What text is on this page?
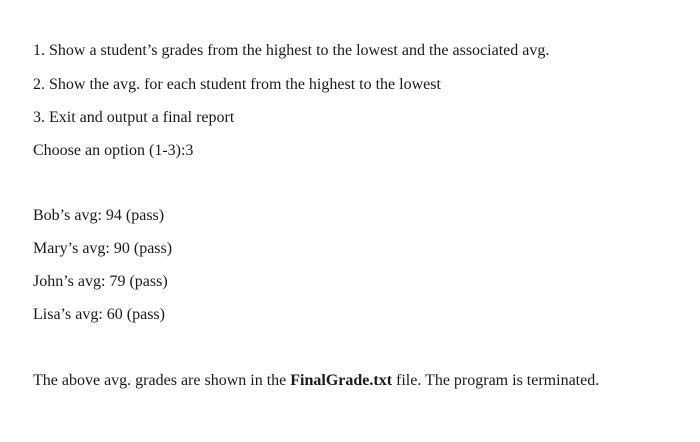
1. Show a student’s grades from the highest to the lowest and the associated avg.
2. Show the avg. for each student from the highest to the lowest
3. Exit and output a final report
Choose an option (1-3):3
Bob’s avg: 94 (pass)
Mary’s avg: 90 (pass)
John’s avg: 79 (pass)
Lisa’s avg: 60 (pass)
The above avg. grades are shown in the FinalGrade.txt file. The program is terminated.
